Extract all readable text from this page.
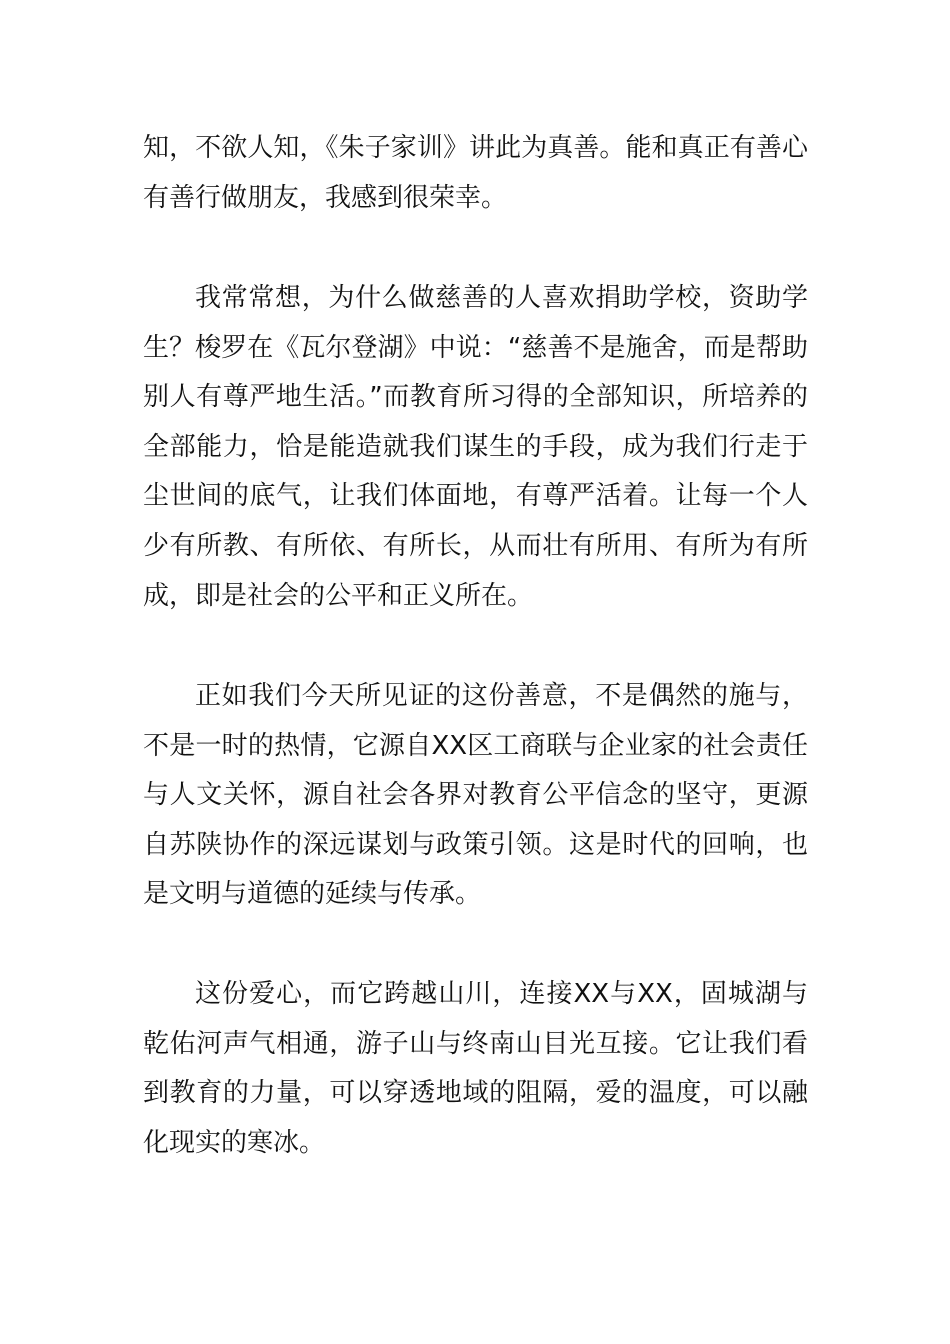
知，不欲人知，《朱子家训》讲此为真善。能和真正有善心有善行做朋友，我感到很荣幸。

我常常想，为什么做慈善的人喜欢捐助学校，资助学生？梭罗在《瓦尔登湖》中说：“慈善不是施舍，而是帮助别人有尊严地生活。”而教育所习得的全部知识，所培养的全部能力，恰是能造就我们谋生的手段，成为我们行走于尘世间的底气，让我们体面地，有尊严活着。让每一个人少有所教、有所依、有所长，从而壮有所用、有所为有所成，即是社会的公平和正义所在。

正如我们今天所见证的这份善意，不是偶然的施与，不是一时的热情，它源自XX区工商联与企业家的社会责任与人文关怀，源自社会各界对教育公平信念的坚守，更源自苏陕协作的深远谋划与政策引领。这是时代的回响，也是文明与道德的延续与传承。

这份爱心，而它跨越山川，连接XX与XX，固城湖与乾佑河声气相通，游子山与终南山目光互接。它让我们看到教育的力量，可以穿透地域的阻隔，爱的温度，可以融化现实的寒冰。
